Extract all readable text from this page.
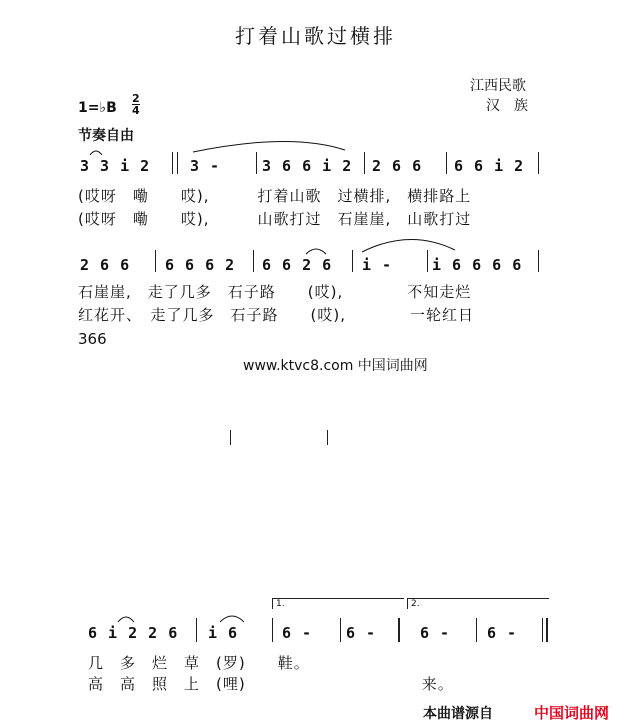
打着山歌过横排
江西民歌
汉　族
1=♭B
2
4
节奏自由
3 3 i 2	3 -	3 6 6 i 2 2 6 6 6 6 i 2
(哎呀　嘞　　哎),　　　打着山歌　过横排,　横排路上
(哎呀　嘞　　哎),　　　山歌打过　石崖崖,　山歌打过
2 6 6 6 6 6 2 6 6 2 6 i -	i 6 6 6 6
石崖崖,　走了几多　石子路　　(哎),　　　　不知走烂
红花开、　走了几多　石子路　　(哎),　　　　一轮红日
366
www.ktvc8.com 中国词曲网
1.	2.
6 i 2 2 6 i 6	6 - 6 -	6 - 6 -
几　多　烂　草　(罗)　　鞋。
高　高　照　上　(哩)　　　　　　　　　　　来。
本曲谱源自	中国词曲网
